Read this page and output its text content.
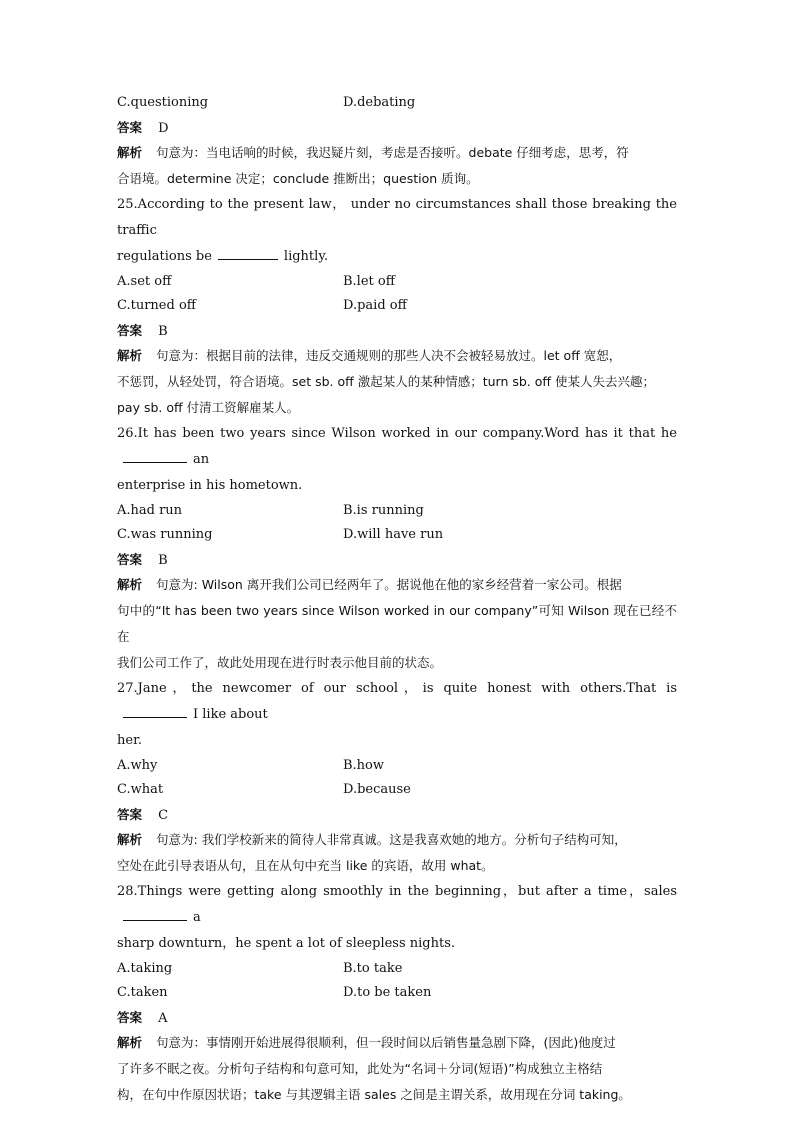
C.questioning	D.debating
答案 D
解析 句意为：当电话响的时候，我迟疑片刻，考虑是否接听。debate 仔细考虑，思考，符
合语境。determine 决定；conclude 推断出；question 质询。
25.According to the present law， under no circumstances shall those breaking the traffic
regulations be	lightly.
A.set off	B.let off
C.turned off	D.paid off
答案 B
解析 句意为：根据目前的法律，违反交通规则的那些人决不会被轻易放过。let off 宽恕，
不惩罚，从轻处罚，符合语境。set sb. off 激起某人的某种情感；turn sb. off 使某人失去兴趣；
pay sb. off 付清工资解雇某人。
26.It has been two years since Wilson worked in our company.Word has it that hean
enterprise in his hometown.
A.had run	B.is running
C.was running	D.will have run
答案 B
解析 句意为: Wilson 离开我们公司已经两年了。据说他在他的家乡经营着一家公司。根据
句中的“It has been two years since Wilson worked in our company”可知 Wilson 现在已经不在
我们公司工作了，故此处用现在进行时表示他目前的状态。
27.Jane，the newcomer of our school，is quite honest with others.That isI like about
her.
A.why	B.how
C.what	D.because
答案 C
解析 句意为: 我们学校新来的简待人非常真诚。这是我喜欢她的地方。分析句子结构可知，
空处在此引导表语从句，且在从句中充当 like 的宾语，故用 what。
28.Things were getting along smoothly in the beginning，but after a time，salesa
sharp downturn，he spent a lot of sleepless nights.
A.taking	B.to take
C.taken	D.to be taken
答案 A
解析 句意为：事情刚开始进展得很顺利，但一段时间以后销售量急剧下降，(因此)他度过
了许多不眠之夜。分析句子结构和句意可知，此处为“名词＋分词(短语)”构成独立主格结
构，在句中作原因状语；take 与其逻辑主语 sales 之间是主谓关系，故用现在分词 taking。
